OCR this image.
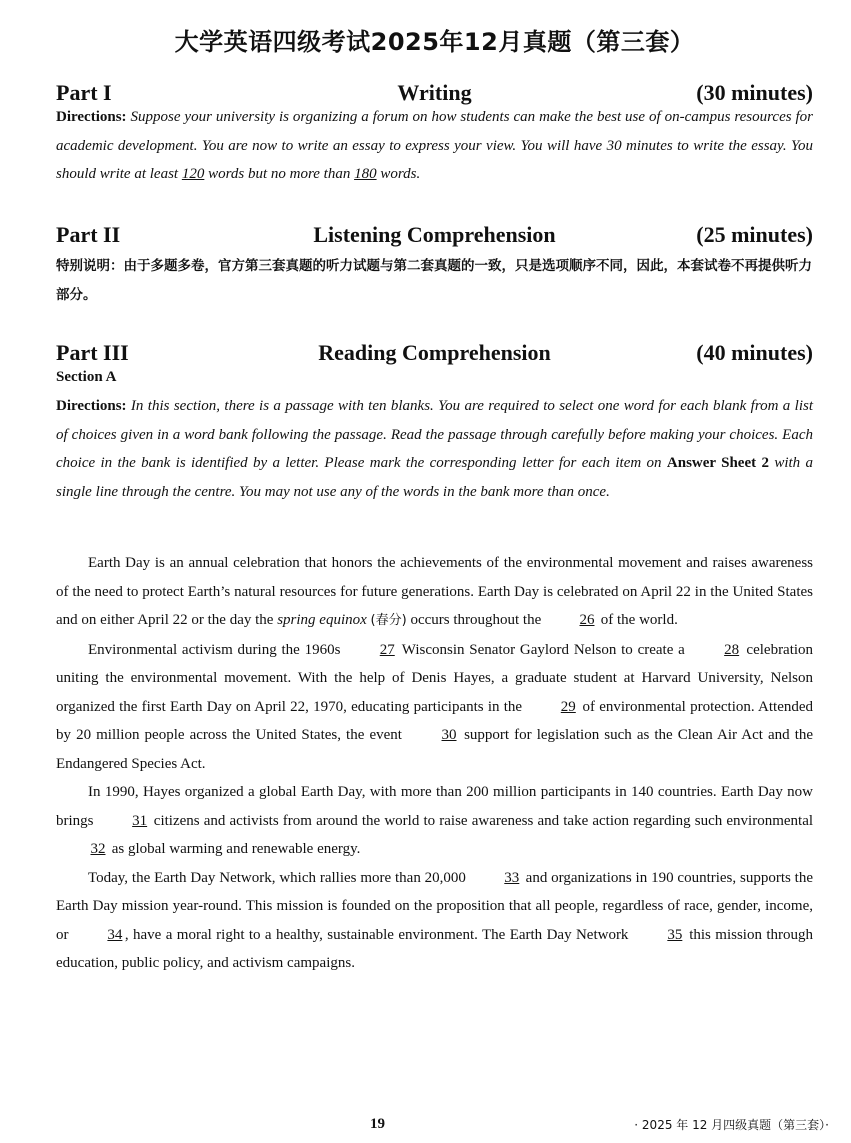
大学英语四级考试2025年12月真题（第三套）
Part I	Writing	(30 minutes)
Directions: Suppose your university is organizing a forum on how students can make the best use of on-campus resources for academic development. You are now to write an essay to express your view. You will have 30 minutes to write the essay. You should write at least 120 words but no more than 180 words.
Part II	Listening Comprehension	(25 minutes)
特别说明：由于多题多卷，官方第三套真题的听力试题与第二套真题的一致，只是选项顺序不同，因此，本套试卷不再提供听力部分。
Part III	Reading Comprehension	(40 minutes)
Section A
Directions: In this section, there is a passage with ten blanks. You are required to select one word for each blank from a list of choices given in a word bank following the passage. Read the passage through carefully before making your choices. Each choice in the bank is identified by a letter. Please mark the corresponding letter for each item on Answer Sheet 2 with a single line through the centre. You may not use any of the words in the bank more than once.

Earth Day is an annual celebration that honors the achievements of the environmental movement and raises awareness of the need to protect Earth’s natural resources for future generations. Earth Day is celebrated on April 22 in the United States and on either April 22 or the day the spring equinox (春分) occurs throughout the	26 of the world.

Environmental activism during the 1960s	27 Wisconsin Senator Gaylord Nelson to create a	28 celebration uniting the environmental movement. With the help of Denis Hayes, a graduate student at Harvard University, Nelson organized the first Earth Day on April 22, 1970, educating participants in the	29 of environmental protection. Attended by 20 million people across the United States, the event	30 support for legislation such as the Clean Air Act and the Endangered Species Act.

In 1990, Hayes organized a global Earth Day, with more than 200 million participants in 140 countries. Earth Day now brings	31 citizens and activists from around the world to raise awareness and take action regarding such environmental 32 as global warming and renewable energy.

Today, the Earth Day Network, which rallies more than 20,000	33 and organizations in 190 countries, supports the Earth Day mission year-round. This mission is founded on the proposition that all people, regardless of race, gender, income, or	34 , have a moral right to a healthy, sustainable environment. The Earth Day Network	35 this mission through education, public policy, and activism campaigns.

19	· 2025 年 12 月四级真题（第三套）·
